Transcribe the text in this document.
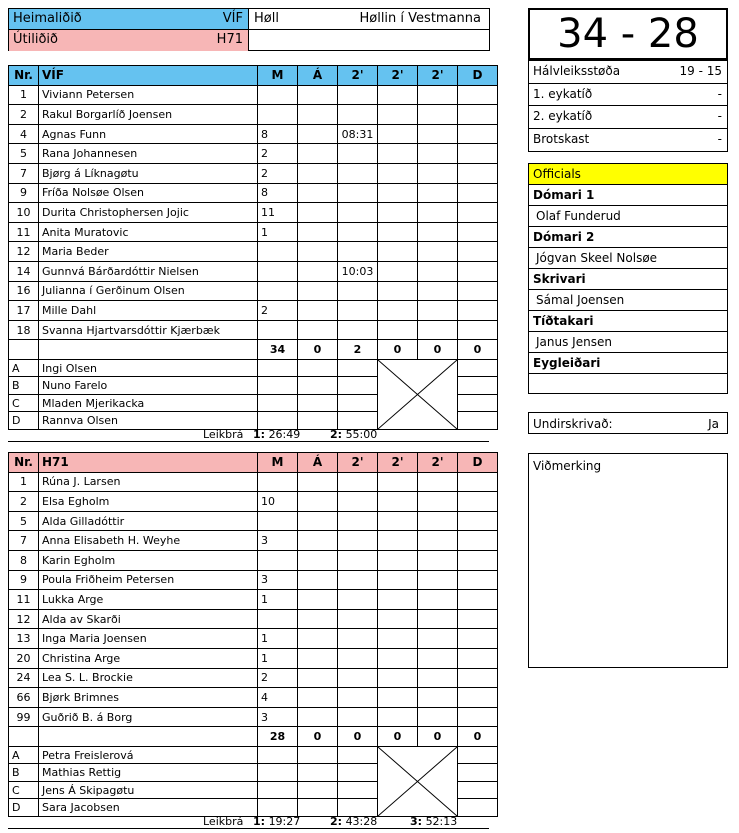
Heimaliðið	VÍF Høll	Høllin í Vestmanna
Útiliðið	H71	34 - 28
Hálvleiksstøða	19 - 15
1. eykatíð	-
2. eykatíð	-
Brotskast	-
Officials
Dómari 1
Olaf Funderud
Dómari 2
Jógvan Skeel Nolsøe
Skrivari
Sámal Joensen
Tíðtakari
Janus Jensen
Eygleiðari
Undirskrivað:	Ja
Viðmerking
Nr.	VÍF	M	Á	2'	2'	2'	D
1	Viviann Petersen						
2	Rakul Borgarlíð Joensen						
4	Agnas Funn	8		08:31			
5	Rana Johannesen	2					
7	Bjørg á Líknagøtu	2					
9	Fríða Nolsøe Olsen	8					
10	Durita Christophersen Jojic	11					
11	Anita Muratovic	1					
12	Maria Beder						
14	Gunnvá Bárðardóttir Nielsen			10:03			
16	Julianna í Gerðinum Olsen						
17	Mille Dahl	2					
18	Svanna Hjartvarsdóttir Kjærbæk						
		34	0	2	0	0	0
A	Ingi Olsen				

B	Nuno Farelo						
C	Mladen Mjerikacka						
D	Rannva Olsen						
Leikbrá 1: 26:49	2: 55:00
Nr.	H71	M	Á	2'	2'	2'	D
1	Rúna J. Larsen						
2	Elsa Egholm	10					
5	Alda Gilladóttir						
7	Anna Elisabeth H. Weyhe	3					
8	Karin Egholm						
9	Poula Friðheim Petersen	3					
11	Lukka Arge	1					
12	Alda av Skarði						
13	Inga Maria Joensen	1					
20	Christina Arge	1					
24	Lea S. L. Brockie	2					
66	Bjørk Brimnes	4					
99	Guðrið B. á Borg	3					
		28	0	0	0	0	0
A	Petra Freislerová				

B	Mathias Rettig						
C	Jens Á Skipagøtu						
D	Sara Jacobsen						
Leikbrá 1: 19:27	2: 43:28	3: 52:13
